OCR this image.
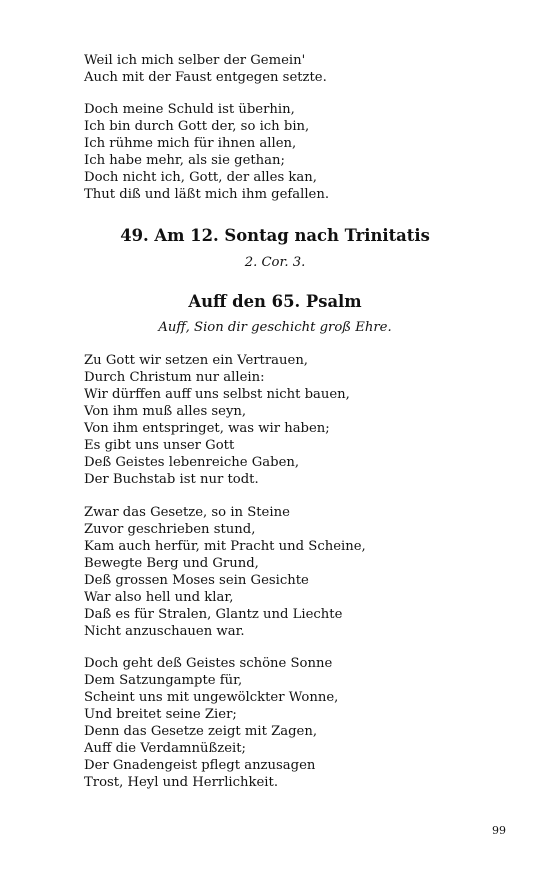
Weil ich mich selber der Gemein'
Auch mit der Faust entgegen setzte.
Doch meine Schuld ist überhin,
Ich bin durch Gott der, so ich bin,
Ich rühme mich für ihnen allen,
Ich habe mehr, als sie gethan;
Doch nicht ich, Gott, der alles kan,
Thut diß und läßt mich ihm gefallen.
49. Am 12. Sontag nach Trinitatis
2. Cor. 3.
Auff den 65. Psalm
Auff, Sion dir geschicht groß Ehre.
Zu Gott wir setzen ein Vertrauen,
Durch Christum nur allein:
Wir dürffen auff uns selbst nicht bauen,
Von ihm muß alles seyn,
Von ihm entspringet, was wir haben;
Es gibt uns unser Gott
Deß Geistes lebenreiche Gaben,
Der Buchstab ist nur todt.
Zwar das Gesetze, so in Steine
Zuvor geschrieben stund,
Kam auch herfür, mit Pracht und Scheine,
Bewegte Berg und Grund,
Deß grossen Moses sein Gesichte
War also hell und klar,
Daß es für Stralen, Glantz und Liechte
Nicht anzuschauen war.
Doch geht deß Geistes schöne Sonne
Dem Satzungampte für,
Scheint uns mit ungewölckter Wonne,
Und breitet seine Zier;
Denn das Gesetze zeigt mit Zagen,
Auff die Verdamnüßzeit;
Der Gnadengeist pflegt anzusagen
Trost, Heyl und Herrlichkeit.
99
